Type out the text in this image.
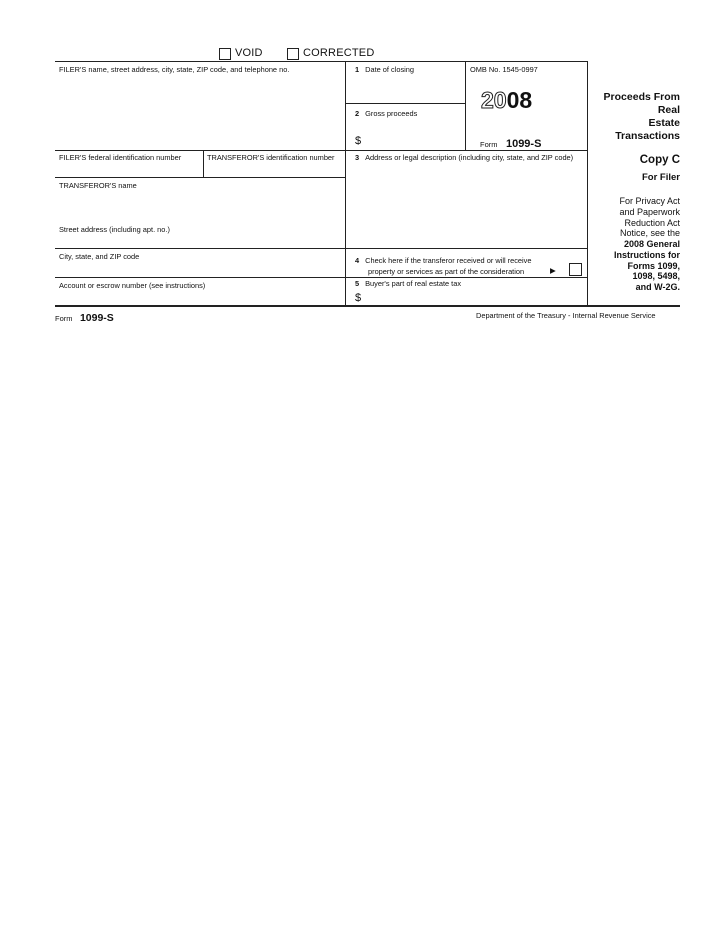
VOID	CORRECTED
FILER'S name, street address, city, state, ZIP code, and telephone no.
FILER'S federal identification number	TRANSFEROR'S identification number
TRANSFEROR'S name
Street address (including apt. no.)
City, state, and ZIP code
Account or escrow number (see instructions)
1 Date of closing	OMB No. 1545-0997
2008
2 Gross proceeds
$	Form 1099-S
Proceeds From Real
Estate Transactions
3 Address or legal description (including city, state, and ZIP code)	Copy C
For Filer
For Privacy Act
and Paperwork
Reduction Act
Notice, see the
2008 General
Instructions for
Forms 1099,
1098, 5498,
and W-2G.
4 Check here if the transferor received or will receive
property or services as part of the consideration	▶
5 Buyer's part of real estate tax
$
Form 1099-S	Department of the Treasury - Internal Revenue Service
